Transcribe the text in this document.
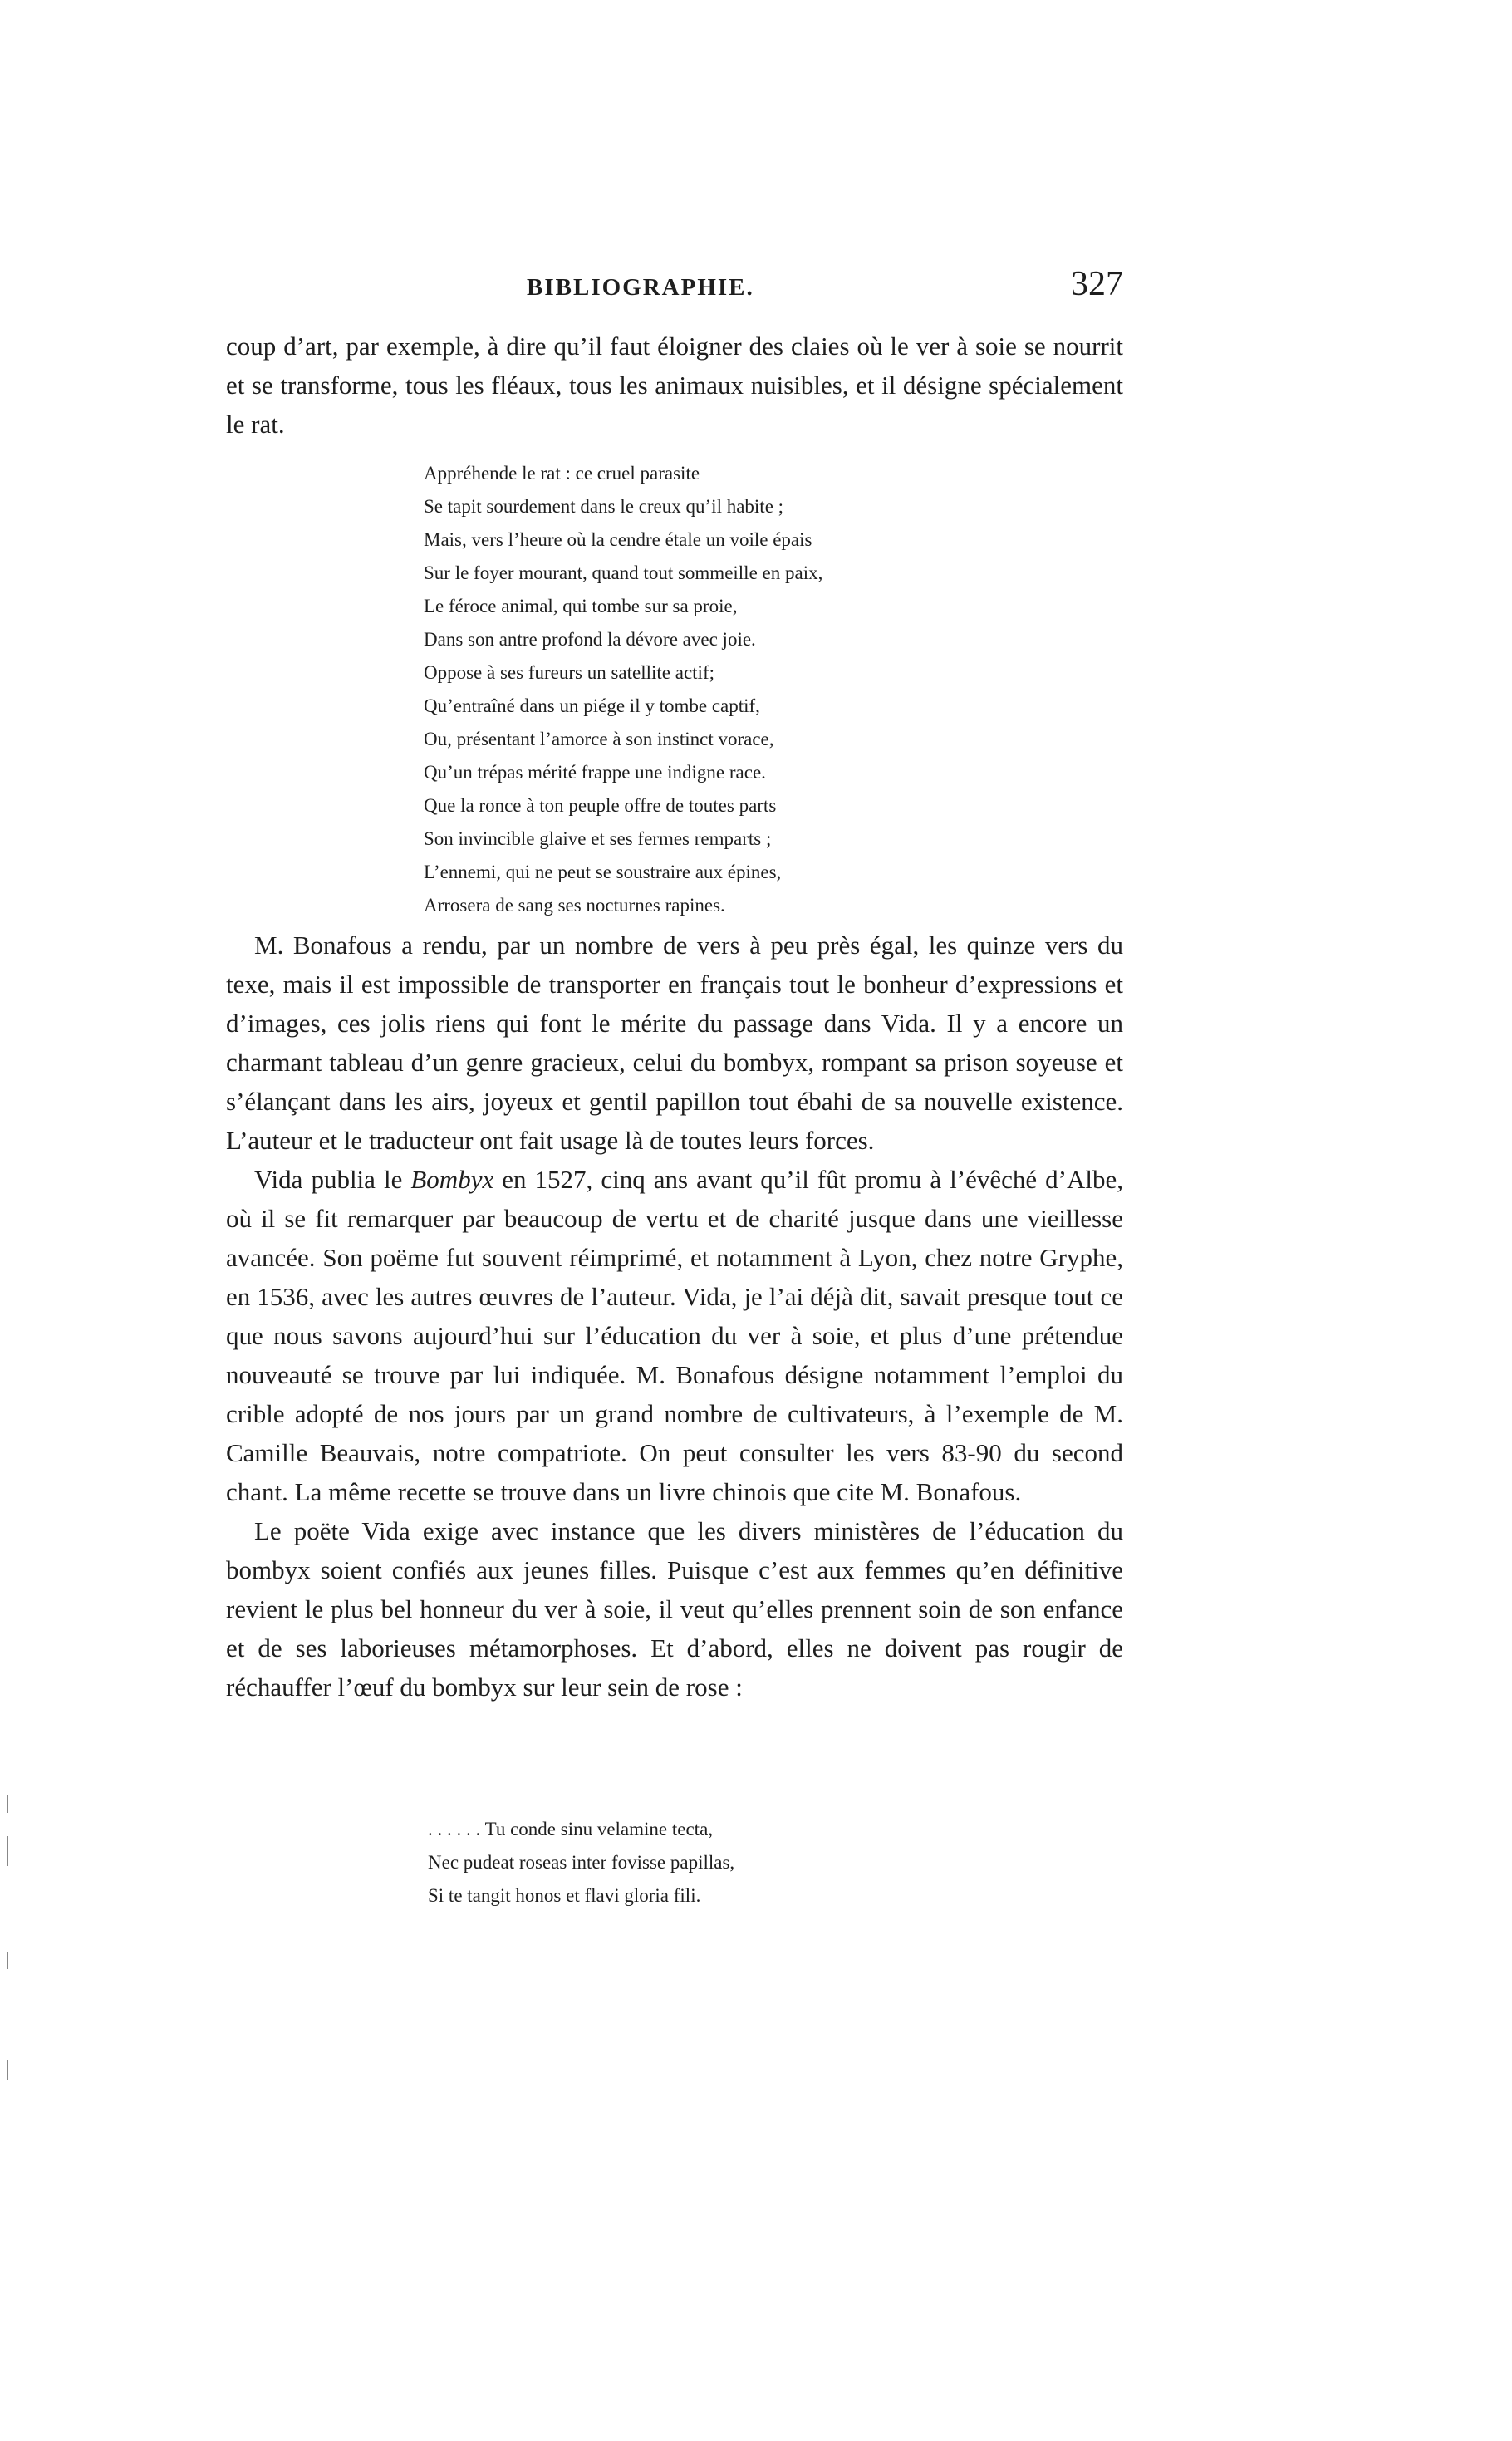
BIBLIOGRAPHIE.	327

coup d’art, par exemple, à dire qu’il faut éloigner des claies où le ver à soie se nourrit et se transforme, tous les fléaux, tous les animaux nuisibles, et il désigne spécialement le rat.

Appréhende le rat : ce cruel parasite
Se tapit sourdement dans le creux qu’il habite ;
Mais, vers l’heure où la cendre étale un voile épais
Sur le foyer mourant, quand tout sommeille en paix,
Le féroce animal, qui tombe sur sa proie,
Dans son antre profond la dévore avec joie.
Oppose à ses fureurs un satellite actif;
Qu’entraîné dans un piége il y tombe captif,
Ou, présentant l’amorce à son instinct vorace,
Qu’un trépas mérité frappe une indigne race.
Que la ronce à ton peuple offre de toutes parts
Son invincible glaive et ses fermes remparts ;
L’ennemi, qui ne peut se soustraire aux épines,
Arrosera de sang ses nocturnes rapines.

M. Bonafous a rendu, par un nombre de vers à peu près égal, les quinze vers du texe, mais il est impossible de transporter en français tout le bonheur d’expressions et d’images, ces jolis riens qui font le mérite du passage dans Vida. Il y a encore un charmant tableau d’un genre gracieux, celui du bombyx, rompant sa prison soyeuse et s’élançant dans les airs, joyeux et gentil papillon tout ébahi de sa nouvelle existence. L’auteur et le traducteur ont fait usage là de toutes leurs forces.

Vida publia le Bombyx en 1527, cinq ans avant qu’il fût promu à l’évêché d’Albe, où il se fit remarquer par beaucoup de vertu et de charité jusque dans une vieillesse avancée. Son poëme fut souvent réimprimé, et notamment à Lyon, chez notre Gryphe, en 1536, avec les autres œuvres de l’auteur. Vida, je l’ai déjà dit, savait presque tout ce que nous savons aujourd’hui sur l’éducation du ver à soie, et plus d’une prétendue nouveauté se trouve par lui indiquée. M. Bonafous désigne notamment l’emploi du crible adopté de nos jours par un grand nombre de cultivateurs, à l’exemple de M. Camille Beauvais, notre compatriote. On peut consulter les vers 83-90 du second chant. La même recette se trouve dans un livre chinois que cite M. Bonafous.

Le poëte Vida exige avec instance que les divers ministères de l’éducation du bombyx soient confiés aux jeunes filles. Puisque c’est aux femmes qu’en définitive revient le plus bel honneur du ver à soie, il veut qu’elles prennent soin de son enfance et de ses laborieuses métamorphoses. Et d’abord, elles ne doivent pas rougir de réchauffer l’œuf du bombyx sur leur sein de rose :

. . . . . . Tu conde sinu velamine tecta,
Nec pudeat roseas inter fovisse papillas,
Si te tangit honos et flavi gloria fili.
